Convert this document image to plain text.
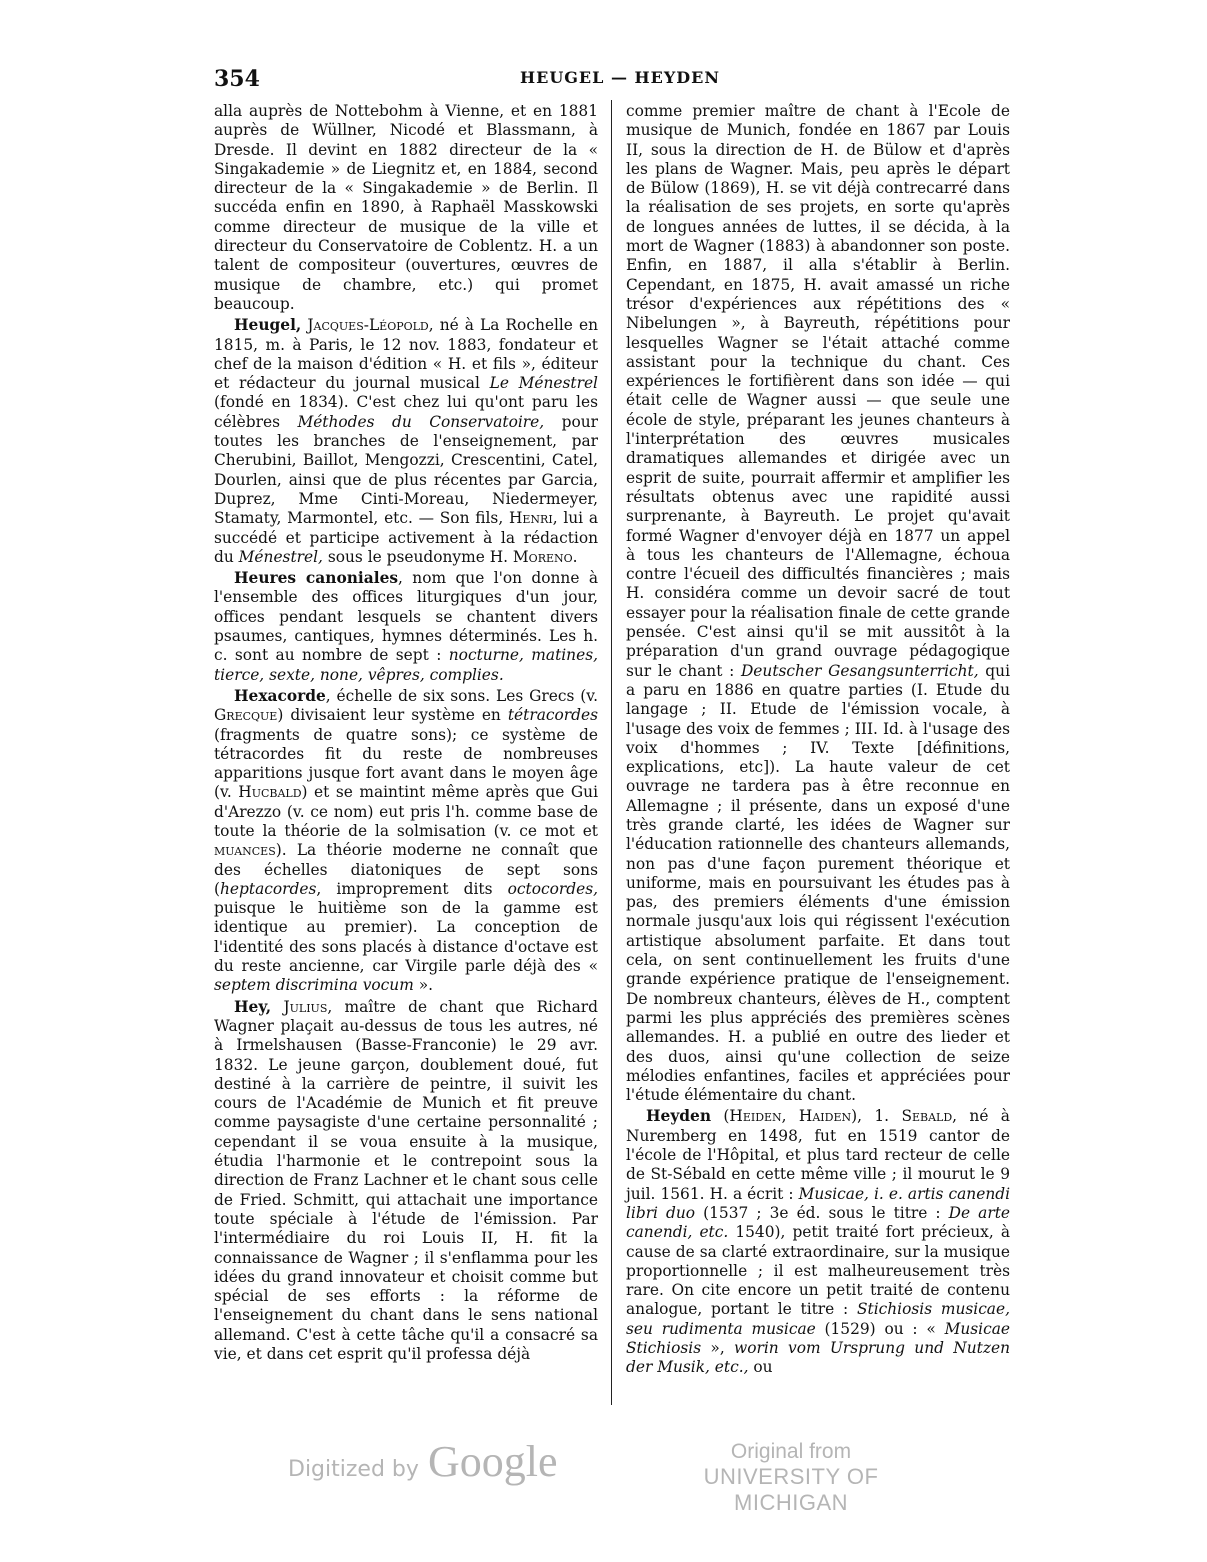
354	HEUGEL — HEYDEN

alla auprès de Nottebohm à Vienne, et en 1881 auprès de Wüllner, Nicodé et Blassmann, à Dresde. Il devint en 1882 directeur de la « Singakademie » de Liegnitz et, en 1884, second directeur de la « Singakademie » de Berlin. Il succéda enfin en 1890, à Raphaël Masskowski comme directeur de musique de la ville et directeur du Conservatoire de Coblentz. H. a un talent de compositeur (ouvertures, œuvres de musique de chambre, etc.) qui promet beaucoup.

Heugel, Jacques-Léopold, né à La Rochelle en 1815, m. à Paris, le 12 nov. 1883, fondateur et chef de la maison d'édition « H. et fils », éditeur et rédacteur du journal musical Le Ménestrel (fondé en 1834). C'est chez lui qu'ont paru les célèbres Méthodes du Conservatoire, pour toutes les branches de l'enseignement, par Cherubini, Baillot, Mengozzi, Crescentini, Catel, Dourlen, ainsi que de plus récentes par Garcia, Duprez, Mme Cinti-Moreau, Niedermeyer, Stamaty, Marmontel, etc. — Son fils, Henri, lui a succédé et participe activement à la rédaction du Ménestrel, sous le pseudonyme H. Moreno.

Heures canoniales, nom que l'on donne à l'ensemble des offices liturgiques d'un jour, offices pendant lesquels se chantent divers psaumes, cantiques, hymnes déterminés. Les h. c. sont au nombre de sept : nocturne, matines, tierce, sexte, none, vêpres, complies.

Hexacorde, échelle de six sons. Les Grecs (v. Grecque) divisaient leur système en tétracordes (fragments de quatre sons); ce système de tétracordes fit du reste de nombreuses apparitions jusque fort avant dans le moyen âge (v. Hucbald) et se maintint même après que Gui d'Arezzo (v. ce nom) eut pris l'h. comme base de toute la théorie de la solmisation (v. ce mot et muances). La théorie moderne ne connaît que des échelles diatoniques de sept sons (heptacordes, improprement dits octocordes, puisque le huitième son de la gamme est identique au premier). La conception de l'identité des sons placés à distance d'octave est du reste ancienne, car Virgile parle déjà des « septem discrimina vocum ».

Hey, Julius, maître de chant que Richard Wagner plaçait au-dessus de tous les autres, né à Irmelshausen (Basse-Franconie) le 29 avr. 1832. Le jeune garçon, doublement doué, fut destiné à la carrière de peintre, il suivit les cours de l'Académie de Munich et fit preuve comme paysagiste d'une certaine personnalité ; cependant il se voua ensuite à la musique, étudia l'harmonie et le contrepoint sous la direction de Franz Lachner et le chant sous celle de Fried. Schmitt, qui attachait une importance toute spéciale à l'étude de l'émission. Par l'intermédiaire du roi Louis II, H. fit la connaissance de Wagner ; il s'enflamma pour les idées du grand innovateur et choisit comme but spécial de ses efforts : la réforme de l'enseignement du chant dans le sens national allemand. C'est à cette tâche qu'il a consacré sa vie, et dans cet esprit qu'il professa déjà

comme premier maître de chant à l'Ecole de musique de Munich, fondée en 1867 par Louis II, sous la direction de H. de Bülow et d'après les plans de Wagner. Mais, peu après le départ de Bülow (1869), H. se vit déjà contrecarré dans la réalisation de ses projets, en sorte qu'après de longues années de luttes, il se décida, à la mort de Wagner (1883) à abandonner son poste. Enfin, en 1887, il alla s'établir à Berlin. Cependant, en 1875, H. avait amassé un riche trésor d'expériences aux répétitions des « Nibelungen », à Bayreuth, répétitions pour lesquelles Wagner se l'était attaché comme assistant pour la technique du chant. Ces expériences le fortifièrent dans son idée — qui était celle de Wagner aussi — que seule une école de style, préparant les jeunes chanteurs à l'interprétation des œuvres musicales dramatiques allemandes et dirigée avec un esprit de suite, pourrait affermir et amplifier les résultats obtenus avec une rapidité aussi surprenante, à Bayreuth. Le projet qu'avait formé Wagner d'envoyer déjà en 1877 un appel à tous les chanteurs de l'Allemagne, échoua contre l'écueil des difficultés financières ; mais H. considéra comme un devoir sacré de tout essayer pour la réalisation finale de cette grande pensée. C'est ainsi qu'il se mit aussitôt à la préparation d'un grand ouvrage pédagogique sur le chant : Deutscher Gesangsunterricht, qui a paru en 1886 en quatre parties (I. Etude du langage ; II. Etude de l'émission vocale, à l'usage des voix de femmes ; III. Id. à l'usage des voix d'hommes ; IV. Texte [définitions, explications, etc]). La haute valeur de cet ouvrage ne tardera pas à être reconnue en Allemagne ; il présente, dans un exposé d'une très grande clarté, les idées de Wagner sur l'éducation rationnelle des chanteurs allemands, non pas d'une façon purement théorique et uniforme, mais en poursuivant les études pas à pas, des premiers éléments d'une émission normale jusqu'aux lois qui régissent l'exécution artistique absolument parfaite. Et dans tout cela, on sent continuellement les fruits d'une grande expérience pratique de l'enseignement. De nombreux chanteurs, élèves de H., comptent parmi les plus appréciés des premières scènes allemandes. H. a publié en outre des lieder et des duos, ainsi qu'une collection de seize mélodies enfantines, faciles et appréciées pour l'étude élémentaire du chant.

Heyden (Heiden, Haiden), 1. Sebald, né à Nuremberg en 1498, fut en 1519 cantor de l'école de l'Hôpital, et plus tard recteur de celle de St-Sébald en cette même ville ; il mourut le 9 juil. 1561. H. a écrit : Musicae, i. e. artis canendi libri duo (1537 ; 3e éd. sous le titre : De arte canendi, etc. 1540), petit traité fort précieux, à cause de sa clarté extraordinaire, sur la musique proportionnelle ; il est malheureusement très rare. On cite encore un petit traité de contenu analogue, portant le titre : Stichiosis musicae, seu rudimenta musicae (1529) ou : « Musicae Stichiosis », worin vom Ursprung und Nutzen der Musik, etc., ou

Digitized by Google	Original from
UNIVERSITY OF MICHIGAN
